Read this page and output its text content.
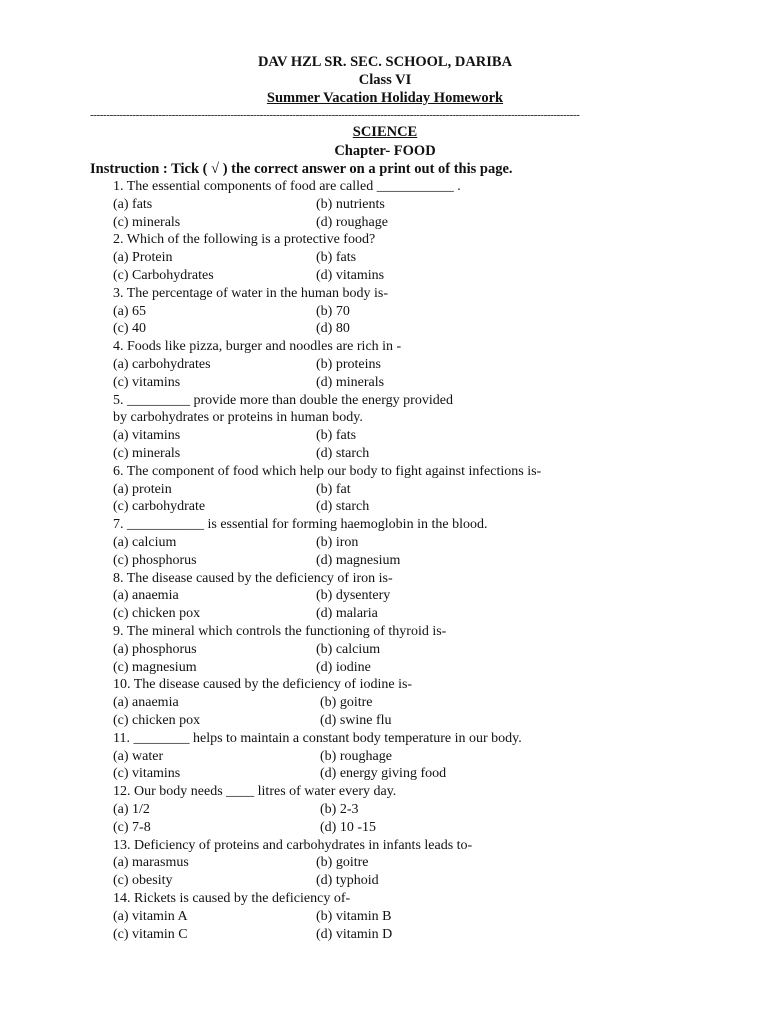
DAV HZL SR. SEC. SCHOOL, DARIBA
Class VI
Summer Vacation Holiday Homework
------------------------------------------------------------------------------------------------------------------------------------------------------
SCIENCE
Chapter- FOOD
Instruction : Tick ( √ ) the correct answer on a print out of this page.
1. The essential components of food are called ___________ .
(a) fats	(b) nutrients
(c) minerals	(d) roughage
2. Which of the following is a protective food?
(a) Protein	(b) fats
(c) Carbohydrates	(d) vitamins
3. The percentage of water in the human body is-
(a) 65	(b) 70
(c) 40	(d) 80
4. Foods like pizza, burger and noodles are rich in -
(a) carbohydrates	(b) proteins
(c) vitamins	(d) minerals
5. _________ provide more than double the energy provided
by carbohydrates or proteins in human body.
(a) vitamins	(b) fats
(c) minerals	(d) starch
6. The component of food which help our body to fight against infections is-
(a) protein	(b) fat
(c) carbohydrate	(d) starch
7. ___________ is essential for forming haemoglobin in the blood.
(a) calcium	(b) iron
(c) phosphorus	(d) magnesium
8. The disease caused by the deficiency of iron is-
(a) anaemia	(b) dysentery
(c) chicken pox	(d) malaria
9. The mineral which controls the functioning of thyroid is-
(a) phosphorus	(b) calcium
(c) magnesium	(d) iodine
10. The disease caused by the deficiency of iodine is-
(a) anaemia	(b) goitre
(c) chicken pox	(d) swine flu
11. ________ helps to maintain a constant body temperature in our body.
(a) water	(b) roughage
(c) vitamins	(d) energy giving food
12. Our body needs ____ litres of water every day.
(a) 1/2	(b) 2-3
(c) 7-8	(d) 10 -15
13. Deficiency of proteins and carbohydrates in infants leads to-
(a) marasmus	(b) goitre
(c) obesity	(d) typhoid
14. Rickets is caused by the deficiency of-
(a) vitamin A	(b) vitamin B
(c) vitamin C	(d) vitamin D
